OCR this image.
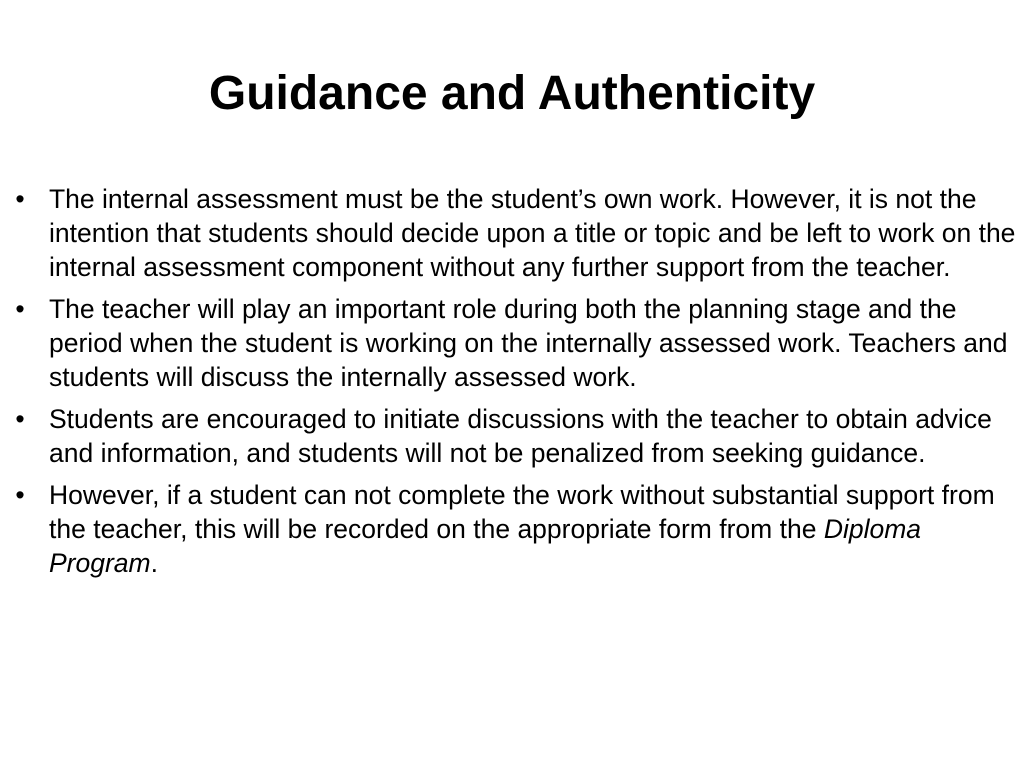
Guidance and Authenticity
• The internal assessment must be the student’s own work. However, it is not the intention that students should decide upon a title or topic and be left to work on the internal assessment component without any further support from the teacher.
• The teacher will play an important role during both the planning stage and the period when the student is working on the internally assessed work. Teachers and students will discuss the internally assessed work.
• Students are encouraged to initiate discussions with the teacher to obtain advice and information, and students will not be penalized from seeking guidance.
• However, if a student can not complete the work without substantial support from the teacher, this will be recorded on the appropriate form from the Diploma Program.
